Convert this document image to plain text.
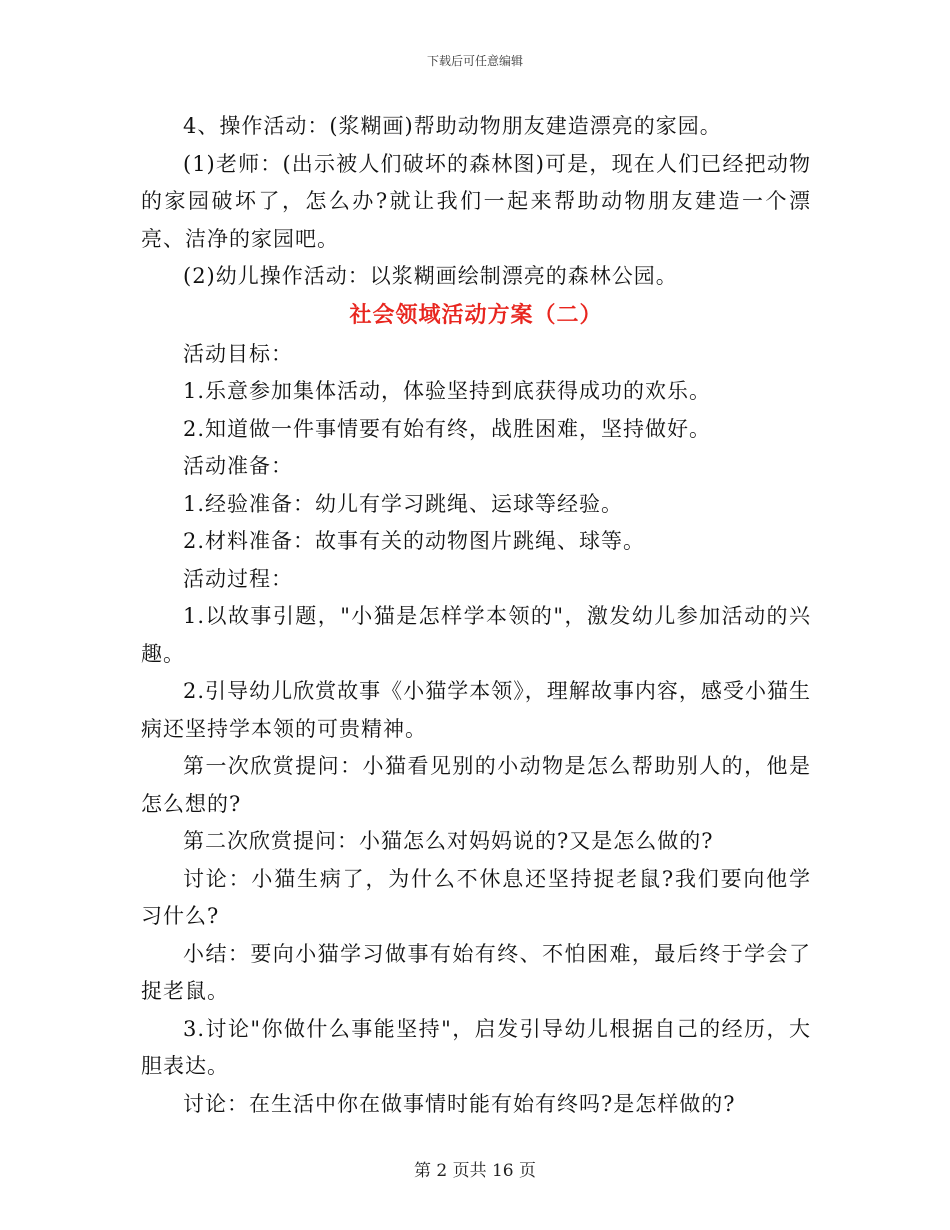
下载后可任意编辑

4、操作活动：(浆糊画)帮助动物朋友建造漂亮的家园。

(1)老师：(出示被人们破坏的森林图)可是，现在人们已经把动物的家园破坏了，怎么办?就让我们一起来帮助动物朋友建造一个漂亮、洁净的家园吧。

(2)幼儿操作活动：以浆糊画绘制漂亮的森林公园。

社会领域活动方案（二）

活动目标：

1.乐意参加集体活动，体验坚持到底获得成功的欢乐。

2.知道做一件事情要有始有终，战胜困难，坚持做好。

活动准备：

1.经验准备：幼儿有学习跳绳、运球等经验。

2.材料准备：故事有关的动物图片跳绳、球等。

活动过程：

1.以故事引题，"小猫是怎样学本领的"，激发幼儿参加活动的兴趣。

2.引导幼儿欣赏故事《小猫学本领》，理解故事内容，感受小猫生病还坚持学本领的可贵精神。

第一次欣赏提问：小猫看见别的小动物是怎么帮助别人的，他是怎么想的?

第二次欣赏提问：小猫怎么对妈妈说的?又是怎么做的?

讨论：小猫生病了，为什么不休息还坚持捉老鼠?我们要向他学习什么?

小结：要向小猫学习做事有始有终、不怕困难，最后终于学会了捉老鼠。

3.讨论"你做什么事能坚持"，启发引导幼儿根据自己的经历，大胆表达。

讨论：在生活中你在做事情时能有始有终吗?是怎样做的?

第 2 页共 16 页
